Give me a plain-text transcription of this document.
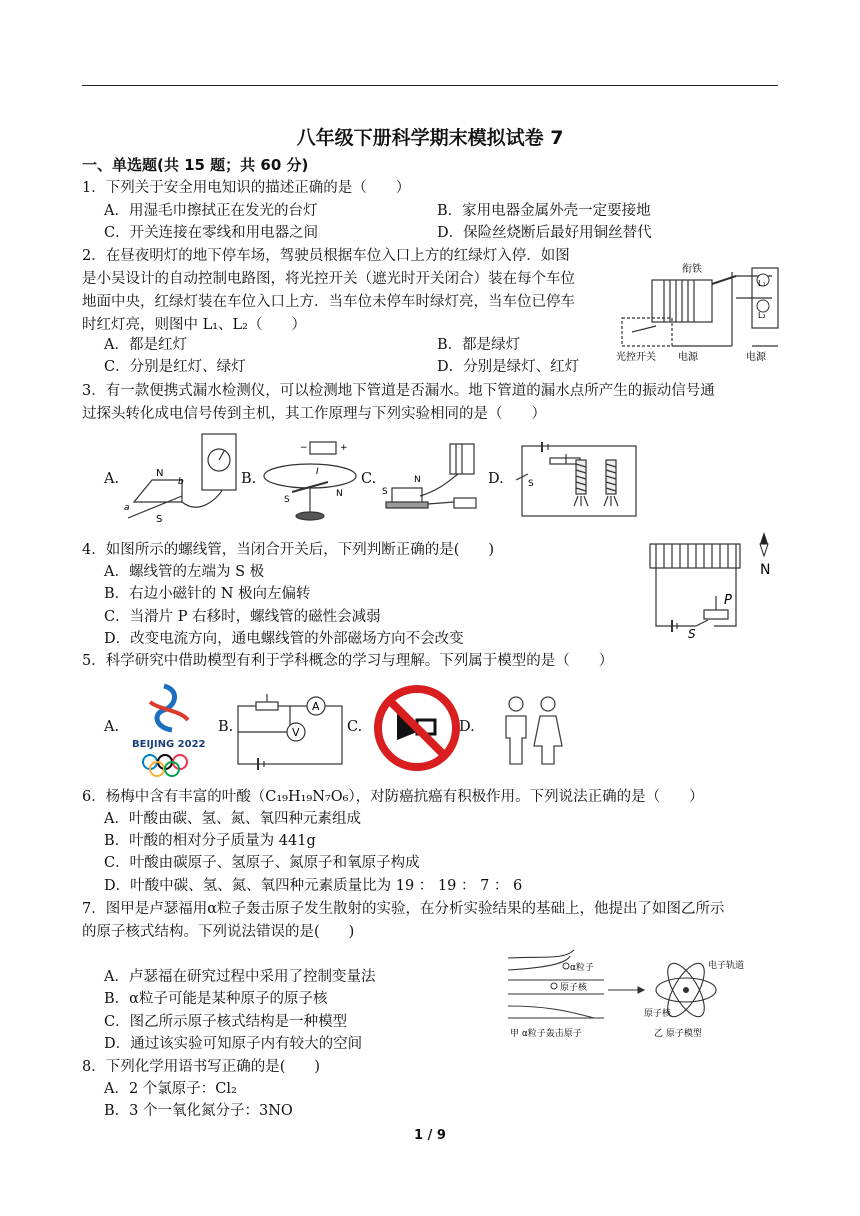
八年级下册科学期末模拟试卷 7
一、单选题(共 15 题；共 60 分)
1．下列关于安全用电知识的描述正确的是（　　）
A．用湿毛巾擦拭正在发光的台灯	B．家用电器金属外壳一定要接地
C．开关连接在零线和用电器之间	D．保险丝烧断后最好用铜丝替代
2．在昼夜明灯的地下停车场，驾驶员根据车位入口上方的红绿灯入停．如图
是小吴设计的自动控制电路图，将光控开关（遮光时开关闭合）装在每个车位
地面中央，红绿灯装在车位入口上方．当车位未停车时绿灯亮，当车位已停车
时红灯亮，则图中 L₁、L₂（　　）
A．都是红灯	B．都是绿灯
C．分别是红灯、绿灯	D．分别是绿灯、红灯
衔铁
L₁
L₂
光控开关 电源	电源
3．有一款便携式漏水检测仪，可以检测地下管道是否漏水。地下管道的漏水点所产生的振动信号通
过探头转化成电信号传到主机，其工作原理与下列实验相同的是（　　）
A.	N
S
a
b	B.
+
−
I
S
N
C.	N
S
D.	S
4．如图所示的螺线管，当闭合开关后，下列判断正确的是(　　)
A．螺线管的左端为 S 极
B．右边小磁针的 N 极向左偏转
C．当滑片 P 右移时，螺线管的磁性会减弱
D．改变电流方向，通电螺线管的外部磁场方向不会改变
N
P
S
5．科学研究中借助模型有利于学科概念的学习与理解。下列属于模型的是（　　）
A.
BEIJING 2022
B.
A
V	C.	D.
6．杨梅中含有丰富的叶酸（C₁₉H₁₉N₇O₆），对防癌抗癌有积极作用。下列说法正确的是（　　）
A．叶酸由碳、氢、氮、氧四种元素组成
B．叶酸的相对分子质量为 441g
C．叶酸由碳原子、氢原子、氮原子和氧原子构成
D．叶酸中碳、氢、氮、氧四种元素质量比为 19 ： 19 ： 7 ： 6
7．图甲是卢瑟福用α粒子轰击原子发生散射的实验，在分析实验结果的基础上，他提出了如图乙所示
的原子核式结构。下列说法错误的是(　　)
A．卢瑟福在研究过程中采用了控制变量法
B．α粒子可能是某种原子的原子核
C．图乙所示原子核式结构是一种模型
D．通过该实验可知原子内有较大的空间
α粒子
原子核
电子轨道
原子核
甲 α粒子轰击原子	乙 原子模型
8．下列化学用语书写正确的是(　　)
A．2 个氯原子：Cl₂
B．3 个一氧化氮分子：3NO
1 / 9
